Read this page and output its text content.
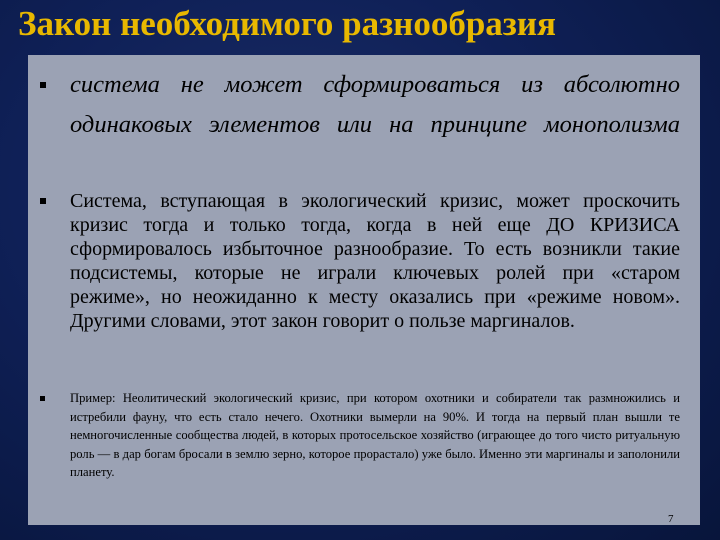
Закон необходимого разнообразия
система не может сформироваться из абсолютно одинаковых элементов или на принципе монополизма
Система, вступающая в экологический кризис, может проскочить кризис тогда и только тогда, когда в ней еще ДО КРИЗИСА сформировалось избыточное разнообразие. То есть возникли такие подсистемы, которые не играли ключевых ролей при «старом режиме», но неожиданно к месту оказались при «режиме новом». Другими словами, этот закон говорит о пользе маргиналов.
Пример: Неолитический экологический кризис, при котором охотники и собиратели так размножились и истребили фауну, что есть стало нечего. Охотники вымерли на 90%. И тогда на первый план вышли те немногочисленные сообщества людей, в которых протосельское хозяйство (играющее до того чисто ритуальную роль — в дар богам бросали в землю зерно, которое прорастало) уже было. Именно эти маргиналы и заполонили планету.
7
